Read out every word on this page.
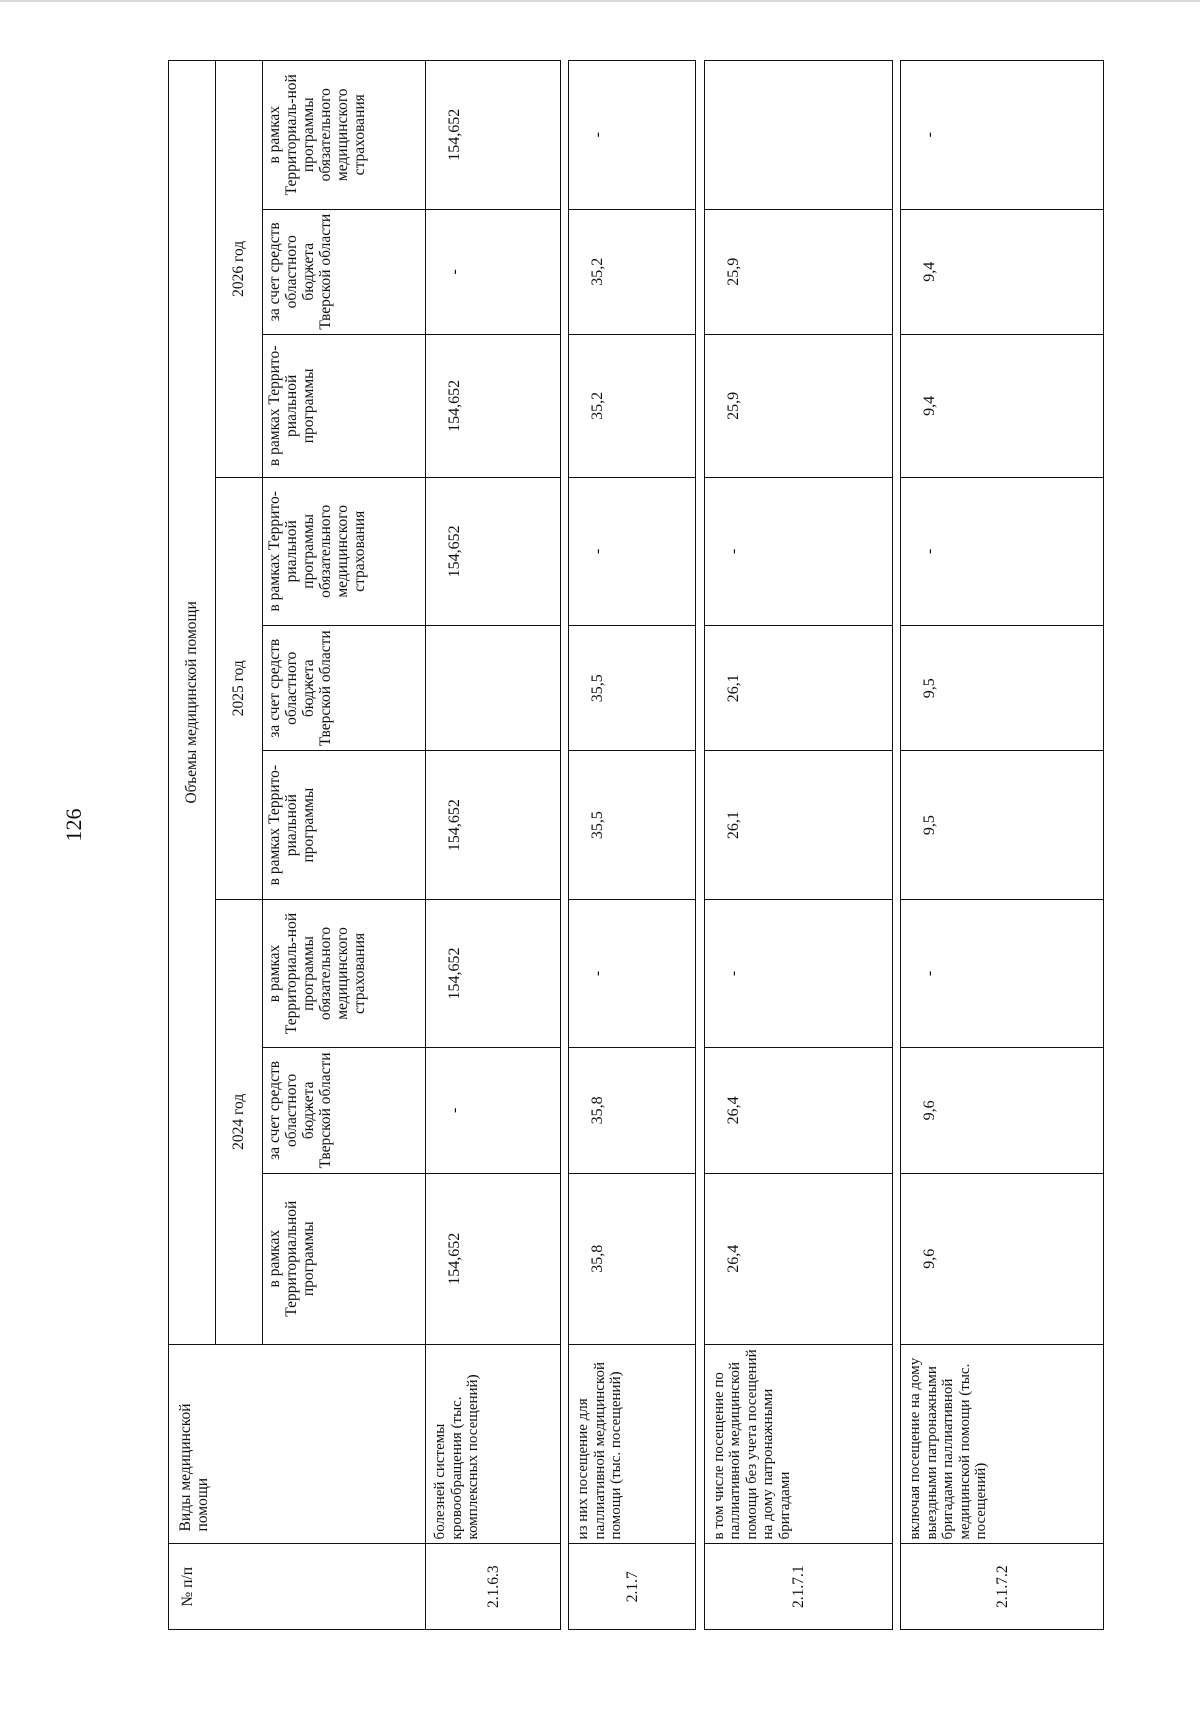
126
№ п/п	Виды медицинской помощи	Объемы медицинской помощи								
		2024 год			2025 год			2026 год		
		в рамках Территориальной программы	за счет средств областного бюджета Тверской области	в рамках Территориаль-ной программы обязательного медицинского страхования	в рамках Террито-риальной программы	за счет средств областного бюджета Тверской области	в рамках Террито-риальной программы обязательного медицинского страхования	в рамках Террито-риальной программы	за счет средств областного бюджета Тверской области	в рамках Территориаль-ной программы обязательного медицинского страхования
2.1.6.3	болезней системы кровообращения (тыс. комплексных посещений)	154,652	-	154,652	154,652		154,652	154,652	-	154,652

2.1.7	из них посещение для паллиативной медицинской помощи (тыс. посещений)	35,8	35,8	-	35,5	35,5	-	35,2	35,2	-

2.1.7.1	в том числе посещение по паллиативной медицинской помощи без учета посещений на дому патронажными бригадами	26,4	26,4	-	26,1	26,1	-	25,9	25,9	

2.1.7.2	включая посещение на дому выездными патронажными бригадами паллиативной медицинской помощи (тыс. посещений)	9,6	9,6	-	9,5	9,5	-	9,4	9,4	-
